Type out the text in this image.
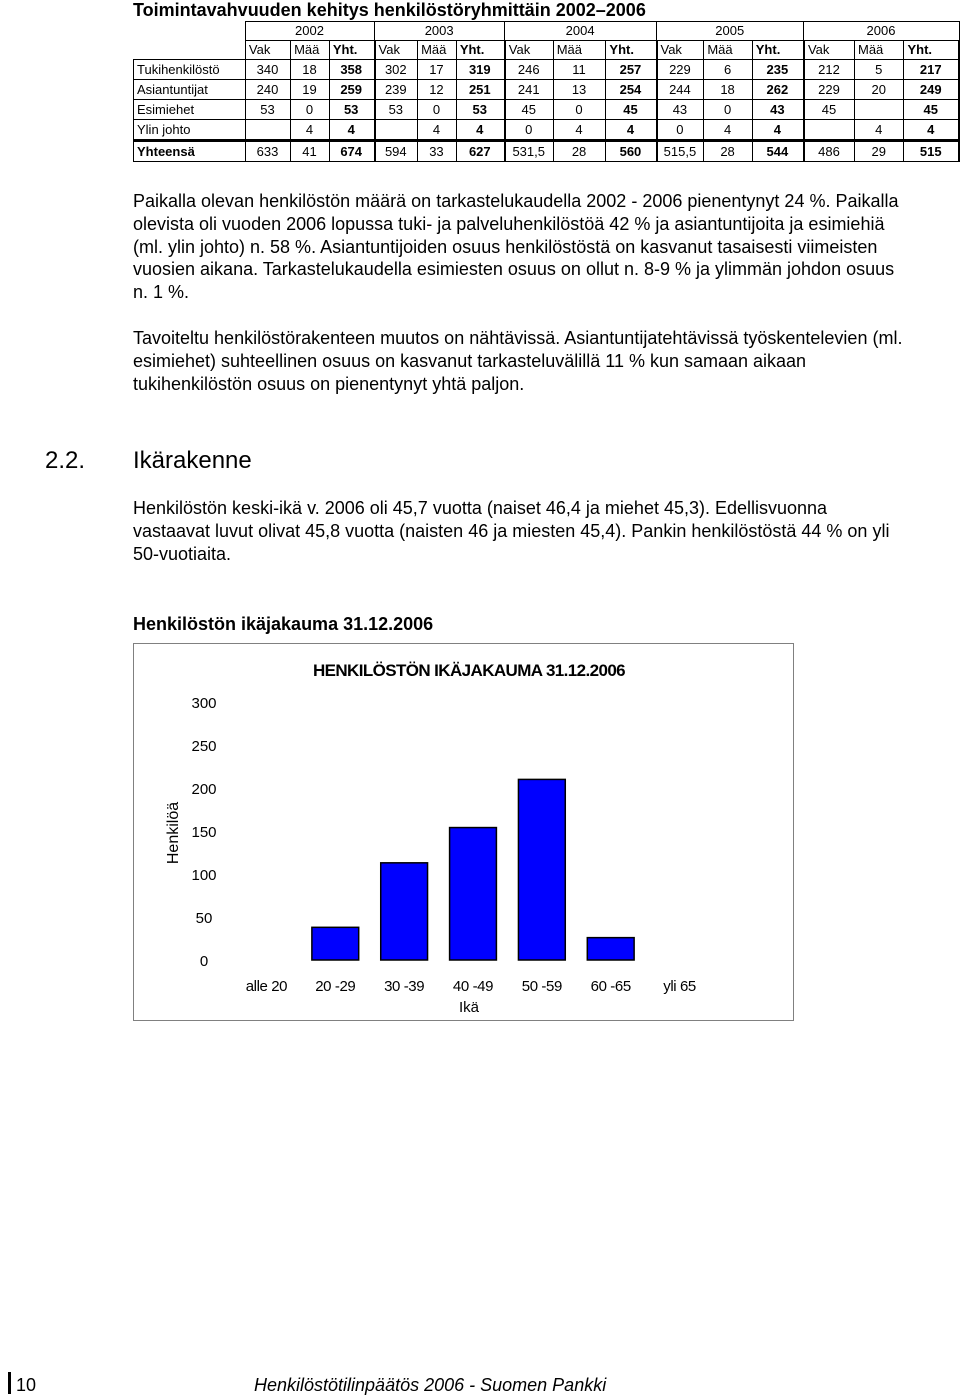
Toimintavahvuuden kehitys henkilöstöryhmittäin 2002–2006
	2002			2003			2004			2005			2006		
	Vak	Mää	Yht.	Vak	Mää	Yht.	Vak	Mää	Yht.	Vak	Mää	Yht.	Vak	Mää	Yht.
Tukihenkilöstö	340	18	358	302	17	319	246	11	257	229	6	235	212	5	217
Asiantuntijat	240	19	259	239	12	251	241	13	254	244	18	262	229	20	249
Esimiehet	53	0	53	53	0	53	45	0	45	43	0	43	45		45
Ylin johto		4	4		4	4	0	4	4	0	4	4		4	4
Yhteensä	633	41	674	594	33	627	531,5	28	560	515,5	28	544	486	29	515
Paikalla olevan henkilöstön määrä on tarkastelukaudella 2002 - 2006 pienentynyt 24 %. Paikalla olevista oli vuoden 2006 lopussa tuki- ja palveluhenkilöstöä 42 % ja asiantuntijoita ja esimiehiä (ml. ylin johto) n. 58 %. Asiantuntijoiden osuus henkilöstöstä on kasvanut tasaisesti viimeisten vuosien aikana. Tarkastelukaudella esimiesten osuus on ollut n. 8-9 % ja ylimmän johdon osuus n. 1 %.
Tavoiteltu henkilöstörakenteen muutos on nähtävissä. Asiantuntijatehtävissä työskentelevien (ml. esimiehet) suhteellinen osuus on kasvanut tarkasteluvälillä 11 % kun samaan aikaan tukihenkilöstön osuus on pienentynyt yhtä paljon.
2.2. Ikärakenne
Henkilöstön keski-ikä v. 2006 oli 45,7 vuotta (naiset 46,4 ja miehet 45,3). Edellisvuonna vastaavat luvut olivat 45,8 vuotta (naisten 46 ja miesten 45,4). Pankin henkilöstöstä 44 % on yli 50-vuotiaita.
Henkilöstön ikäjakauma 31.12.2006
HENKILÖSTÖN IKÄJAKAUMA 31.12.2006
0
50
100
150
200
250
300
Henkilöä
alle 20 20 -29 30 -39 40 -49 50 -59 60 -65 yli 65
Ikä
10	Henkilöstötilinpäätös 2006 - Suomen Pankki
